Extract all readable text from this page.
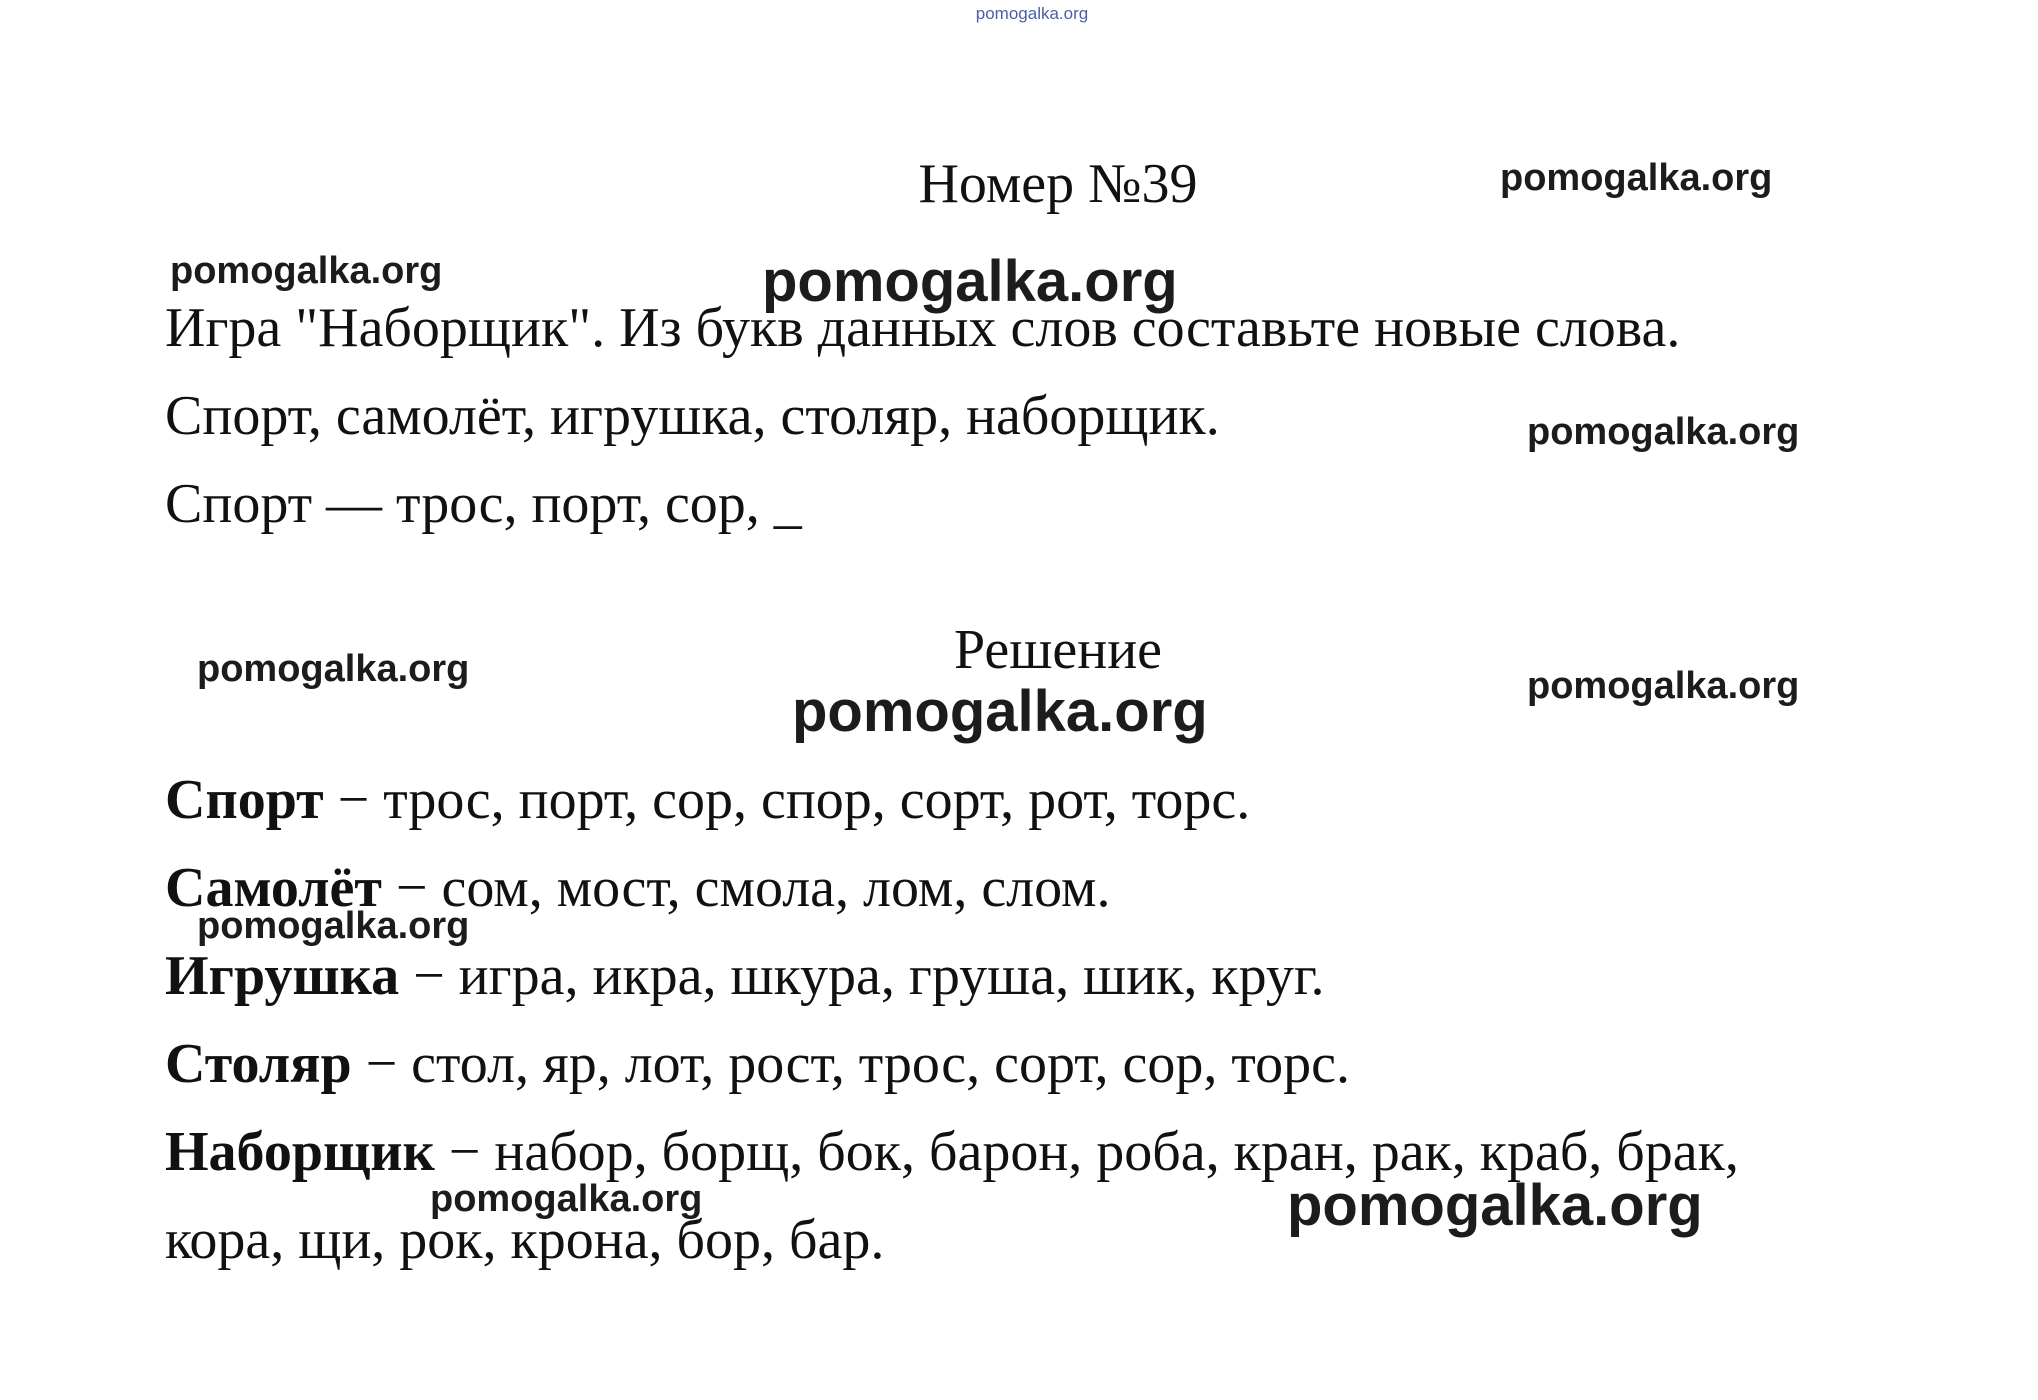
pomogalka.org
Номер №39
Игра "Наборщик". Из букв данных слов составьте новые слова.
Спорт, самолёт, игрушка, столяр, наборщик.
Спорт — трос, порт, сор, _
Решение
Спорт − трос, порт, сор, спор, сорт, рот, торс.
Самолёт − сом, мост, смола, лом, слом.
Игрушка − игра, икра, шкура, груша, шик, круг.
Столяр − стол, яр, лот, рост, трос, сорт, сор, торс.
Наборщик − набор, борщ, бок, барон, роба, кран, рак, краб, брак,
кора, щи, рок, крона, бор, бар.
pomogalka.org
pomogalka.org	pomogalka.org
pomogalka.org
pomogalka.org	pomogalka.org
pomogalka.org
pomogalka.org
pomogalka.org	pomogalka.org
